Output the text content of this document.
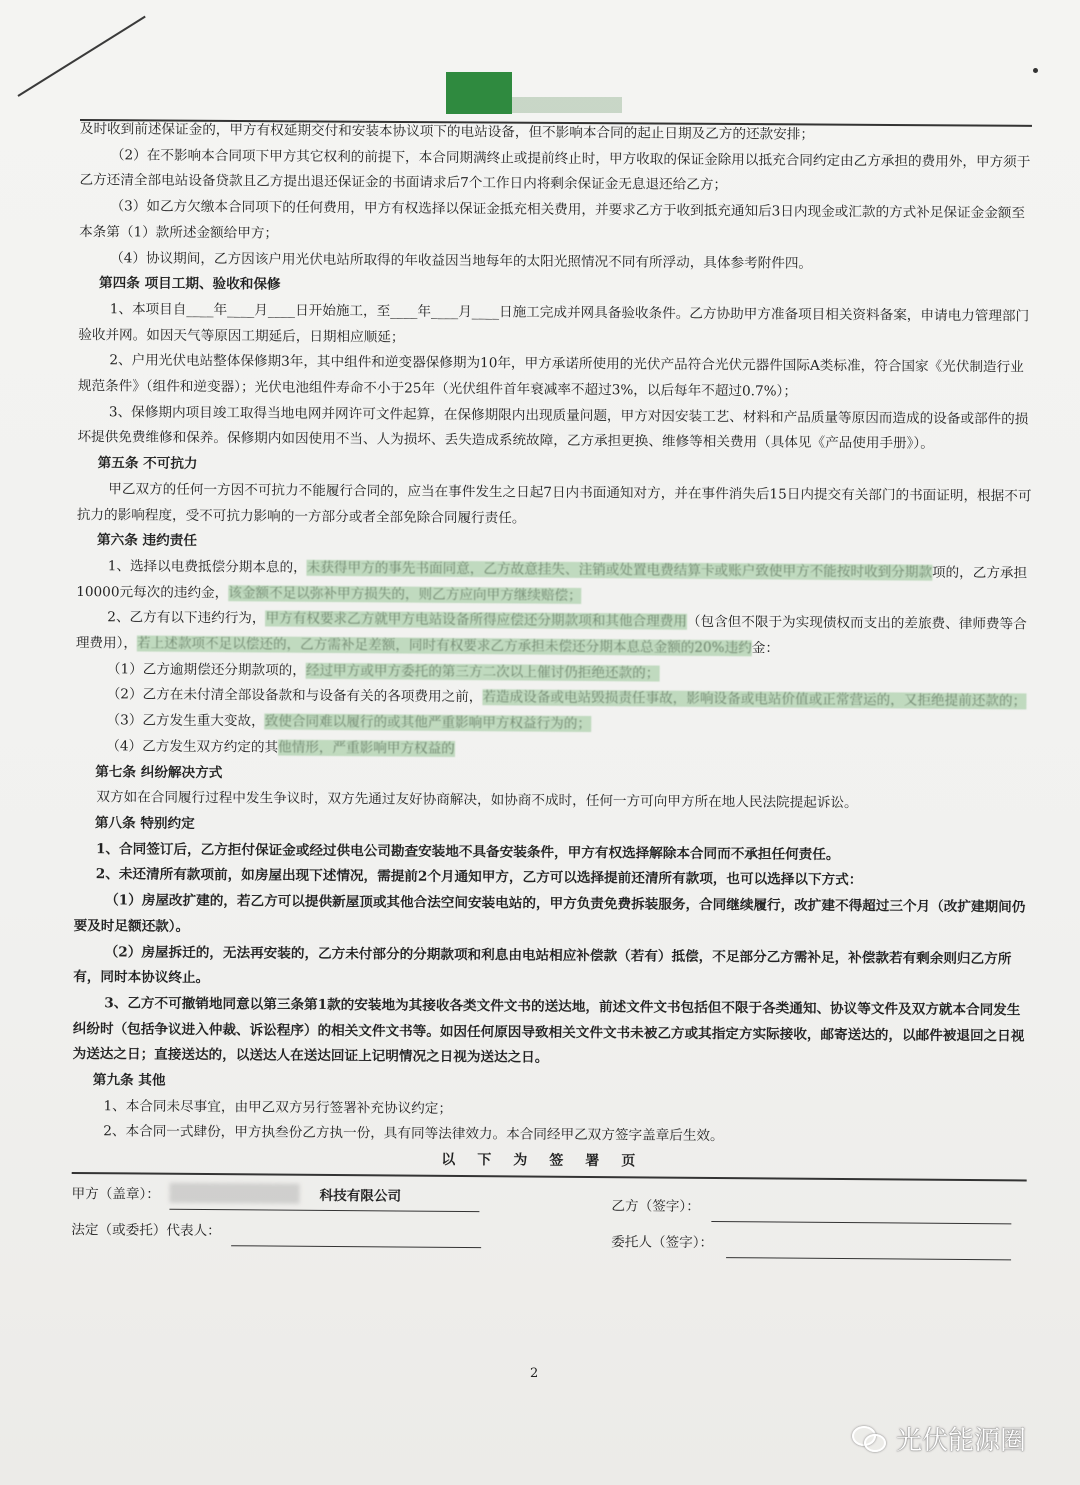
及时收到前述保证金的，甲方有权延期交付和安装本协议项下的电站设备，但不影响本合同的起止日期及乙方的还款安排；

（2）在不影响本合同项下甲方其它权利的前提下，本合同期满终止或提前终止时，甲方收取的保证金除用以抵充合同约定由乙方承担的费用外，甲方须于乙方还清全部电站设备贷款且乙方提出退还保证金的书面请求后7个工作日内将剩余保证金无息退还给乙方；

（3）如乙方欠缴本合同项下的任何费用，甲方有权选择以保证金抵充相关费用，并要求乙方于收到抵充通知后3日内现金或汇款的方式补足保证金金额至本条第（1）款所述金额给甲方；

（4）协议期间，乙方因该户用光伏电站所取得的年收益因当地每年的太阳光照情况不同有所浮动，具体参考附件四。

第四条 项目工期、验收和保修

1、本项目自____年____月____日开始施工，至____年____月____日施工完成并网具备验收条件。乙方协助甲方准备项目相关资料备案，申请电力管理部门验收并网。如因天气等原因工期延后，日期相应顺延；

2、户用光伏电站整体保修期3年，其中组件和逆变器保修期为10年，甲方承诺所使用的光伏产品符合光伏元器件国际A类标准，符合国家《光伏制造行业规范条件》（组件和逆变器）；光伏电池组件寿命不小于25年（光伏组件首年衰减率不超过3%，以后每年不超过0.7%）；

3、保修期内项目竣工取得当地电网并网许可文件起算，在保修期限内出现质量问题，甲方对因安装工艺、材料和产品质量等原因而造成的设备或部件的损坏提供免费维修和保养。保修期内如因使用不当、人为损坏、丢失造成系统故障，乙方承担更换、维修等相关费用（具体见《产品使用手册》）。

第五条 不可抗力

甲乙双方的任何一方因不可抗力不能履行合同的，应当在事件发生之日起7日内书面通知对方，并在事件消失后15日内提交有关部门的书面证明，根据不可抗力的影响程度，受不可抗力影响的一方部分或者全部免除合同履行责任。

第六条 违约责任

1、选择以电费抵偿分期本息的，未获得甲方的事先书面同意，乙方故意挂失、注销或处置电费结算卡或账户致使甲方不能按时收到分期款项的，乙方承担10000元每次的违约金，该金额不足以弥补甲方损失的，则乙方应向甲方继续赔偿；

2、乙方有以下违约行为，甲方有权要求乙方就甲方电站设备所得应偿还分期款项和其他合理费用（包含但不限于为实现债权而支出的差旅费、律师费等合理费用），若上述款项不足以偿还的，乙方需补足差额，同时有权要求乙方承担未偿还分期本息总金额的20%违约金：

（1）乙方逾期偿还分期款项的，经过甲方或甲方委托的第三方二次以上催讨仍拒绝还款的；

（2）乙方在未付清全部设备款和与设备有关的各项费用之前，若造成设备或电站毁损责任事故，影响设备或电站价值或正常营运的，又拒绝提前还款的；

（3）乙方发生重大变故，致使合同难以履行的或其他严重影响甲方权益行为的；

（4）乙方发生双方约定的其他情形，严重影响甲方权益的

第七条 纠纷解决方式

双方如在合同履行过程中发生争议时，双方先通过友好协商解决，如协商不成时，任何一方可向甲方所在地人民法院提起诉讼。

第八条 特别约定

1、合同签订后，乙方拒付保证金或经过供电公司勘查安装地不具备安装条件，甲方有权选择解除本合同而不承担任何责任。

2、未还清所有款项前，如房屋出现下述情况，需提前2个月通知甲方，乙方可以选择提前还清所有款项，也可以选择以下方式：

（1）房屋改扩建的，若乙方可以提供新屋顶或其他合法空间安装电站的，甲方负责免费拆装服务，合同继续履行，改扩建不得超过三个月（改扩建期间仍要及时足额还款）。

（2）房屋拆迁的，无法再安装的，乙方未付部分的分期款项和利息由电站相应补偿款（若有）抵偿，不足部分乙方需补足，补偿款若有剩余则归乙方所有，同时本协议终止。

3、乙方不可撤销地同意以第三条第1款的安装地为其接收各类文件文书的送达地，前述文件文书包括但不限于各类通知、协议等文件及双方就本合同发生纠纷时（包括争议进入仲裁、诉讼程序）的相关文件文书等。如因任何原因导致相关文件文书未被乙方或其指定方实际接收，邮寄送达的，以邮件被退回之日视为送达之日；直接送达的，以送达人在送达回证上记明情况之日视为送达之日。

第九条 其他

1、本合同未尽事宜，由甲乙双方另行签署补充协议约定；

2、本合同一式肆份，甲方执叁份乙方执一份，具有同等法律效力。本合同经甲乙双方签字盖章后生效。

以下为签署页

甲方（盖章）：	科技有限公司

乙方（签字）：

法定（或委托）代表人：

委托人（签字）：

2
光伏能源圈
